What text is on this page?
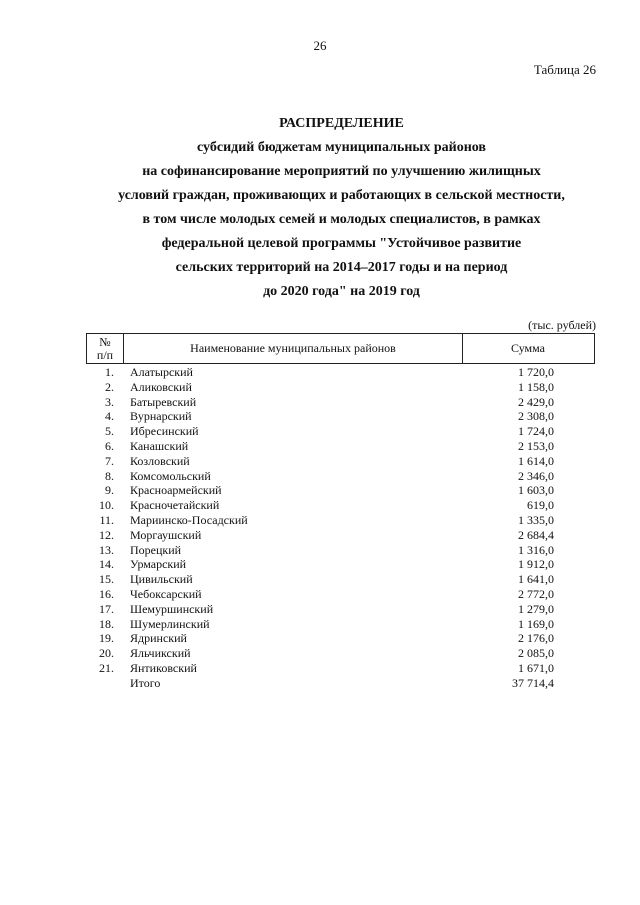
26
Таблица 26
РАСПРЕДЕЛЕНИЕ
субсидий бюджетам муниципальных районов
на софинансирование мероприятий по улучшению жилищных
условий граждан, проживающих и работающих в сельской местности,
в том числе молодых семей и молодых специалистов, в рамках
федеральной целевой программы "Устойчивое развитие
сельских территорий на 2014–2017 годы и на период
до 2020 года" на 2019 год
(тыс. рублей)
№
п/п	Наименование муниципальных районов	Сумма
1. Алатырский	1 720,0
2. Аликовский	1 158,0
3. Батыревский	2 429,0
4. Вурнарский	2 308,0
5. Ибресинский	1 724,0
6. Канашский	2 153,0
7. Козловский	1 614,0
8. Комсомольский	2 346,0
9. Красноармейский	1 603,0
10. Красночетайский	619,0
11. Мариинско-Посадский	1 335,0
12. Моргаушский	2 684,4
13. Порецкий	1 316,0
14. Урмарский	1 912,0
15. Цивильский	1 641,0
16. Чебоксарский	2 772,0
17. Шемуршинский	1 279,0
18. Шумерлинский	1 169,0
19. Ядринский	2 176,0
20. Яльчикский	2 085,0
21. Янтиковский	1 671,0
Итого	37 714,4
